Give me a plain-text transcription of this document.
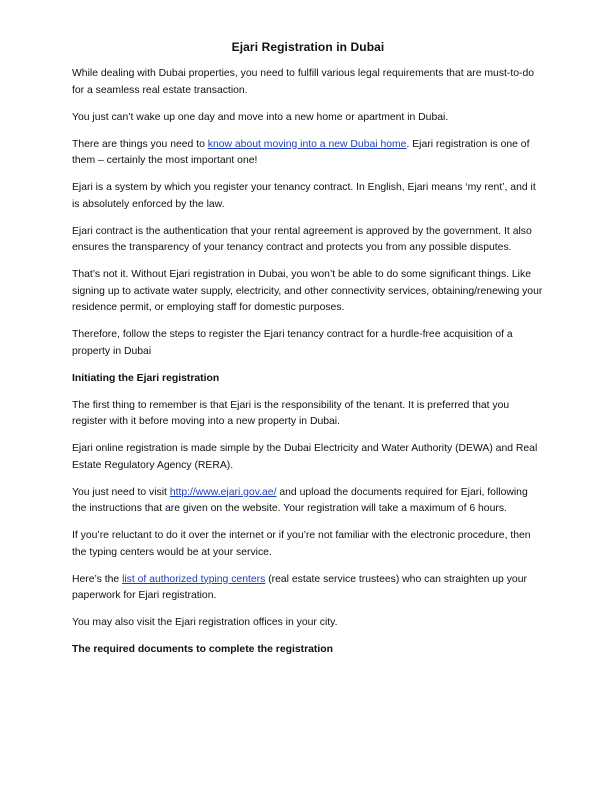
Ejari Registration in Dubai

While dealing with Dubai properties, you need to fulfill various legal requirements that are must-to-do for a seamless real estate transaction.

You just can’t wake up one day and move into a new home or apartment in Dubai.

There are things you need to know about moving into a new Dubai home. Ejari registration is one of them – certainly the most important one!

Ejari is a system by which you register your tenancy contract. In English, Ejari means ‘my rent’, and it is absolutely enforced by the law.

Ejari contract is the authentication that your rental agreement is approved by the government. It also ensures the transparency of your tenancy contract and protects you from any possible disputes.

That’s not it. Without Ejari registration in Dubai, you won’t be able to do some significant things. Like signing up to activate water supply, electricity, and other connectivity services, obtaining/renewing your residence permit, or employing staff for domestic purposes.

Therefore, follow the steps to register the Ejari tenancy contract for a hurdle-free acquisition of a property in Dubai

Initiating the Ejari registration

The first thing to remember is that Ejari is the responsibility of the tenant. It is preferred that you register with it before moving into a new property in Dubai.

Ejari online registration is made simple by the Dubai Electricity and Water Authority (DEWA) and Real Estate Regulatory Agency (RERA).

You just need to visit http://www.ejari.gov.ae/ and upload the documents required for Ejari, following the instructions that are given on the website. Your registration will take a maximum of 6 hours.

If you’re reluctant to do it over the internet or if you’re not familiar with the electronic procedure, then the typing centers would be at your service.

Here’s the list of authorized typing centers (real estate service trustees) who can straighten up your paperwork for Ejari registration.

You may also visit the Ejari registration offices in your city.

The required documents to complete the registration
